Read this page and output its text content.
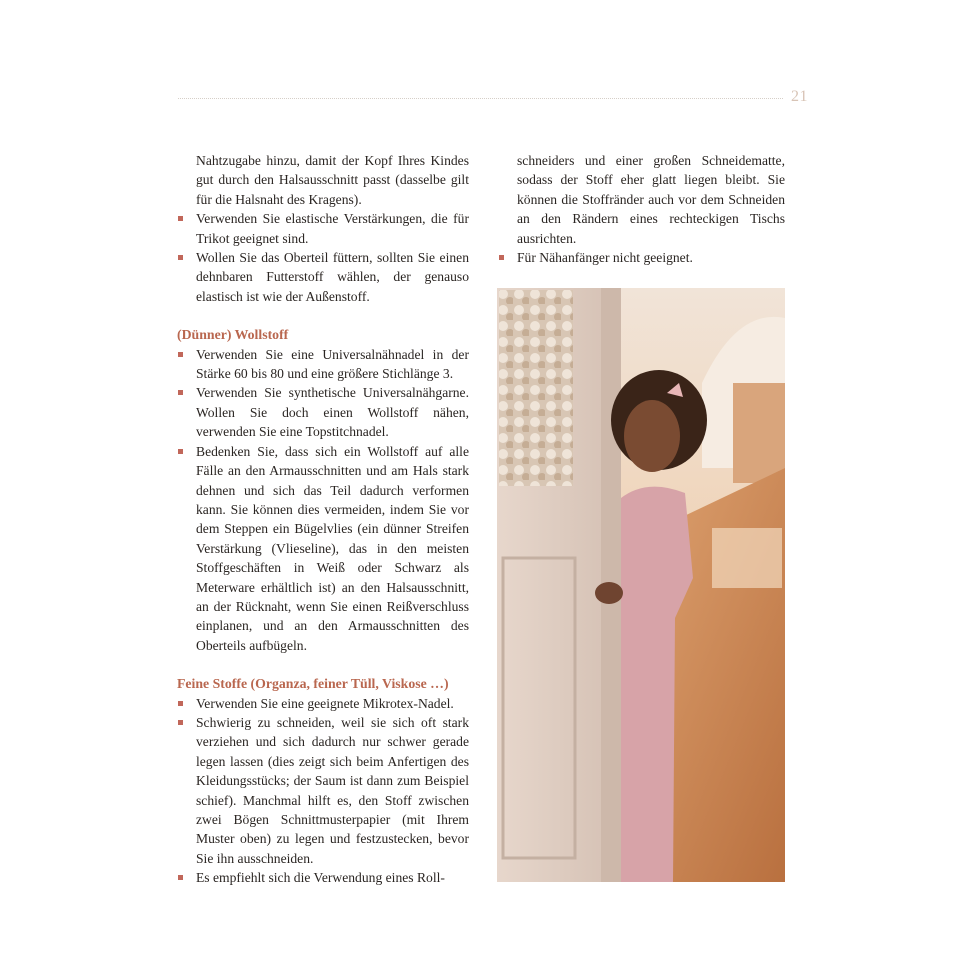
21

Nahtzugabe hinzu, damit der Kopf Ihres Kindes gut durch den Halsausschnitt passt (dasselbe gilt für die Halsnaht des Kragens).

Verwenden Sie elastische Verstärkungen, die für Trikot geeignet sind.
Wollen Sie das Oberteil füttern, sollten Sie einen dehnbaren Futterstoff wählen, der genauso elastisch ist wie der Außenstoff.

(Dünner) Wollstoff

Verwenden Sie eine Universalnähnadel in der Stärke 60 bis 80 und eine größere Stichlänge 3.
Verwenden Sie synthetische Universalnähgarne. Wollen Sie doch einen Wollstoff nähen, verwenden Sie eine Topstitchnadel.
Bedenken Sie, dass sich ein Wollstoff auf alle Fälle an den Armausschnitten und am Hals stark dehnen und sich das Teil dadurch verformen kann. Sie können dies vermeiden, indem Sie vor dem Steppen ein Bügelvlies (ein dünner Streifen Verstärkung (Vlieseline), das in den meisten Stoffgeschäften in Weiß oder Schwarz als Meterware erhältlich ist) an den Halsausschnitt, an der Rücknaht, wenn Sie einen Reißverschluss einplanen, und an den Armausschnitten des Oberteils aufbügeln.

Feine Stoffe (Organza, feiner Tüll, Viskose …)

Verwenden Sie eine geeignete Mikrotex-Nadel.
Schwierig zu schneiden, weil sie sich oft stark verziehen und sich dadurch nur schwer gerade legen lassen (dies zeigt sich beim Anfertigen des Kleidungsstücks; der Saum ist dann zum Beispiel schief). Manchmal hilft es, den Stoff zwischen zwei Bögen Schnittmusterpapier (mit Ihrem Muster oben) zu legen und festzustecken, bevor Sie ihn ausschneiden.
Es empfiehlt sich die Verwendung eines Roll-

schneiders und einer großen Schneidematte, sodass der Stoff eher glatt liegen bleibt. Sie können die Stoffränder auch vor dem Schneiden an den Rändern eines rechteckigen Tischs ausrichten.

Für Nähanfänger nicht geeignet.
